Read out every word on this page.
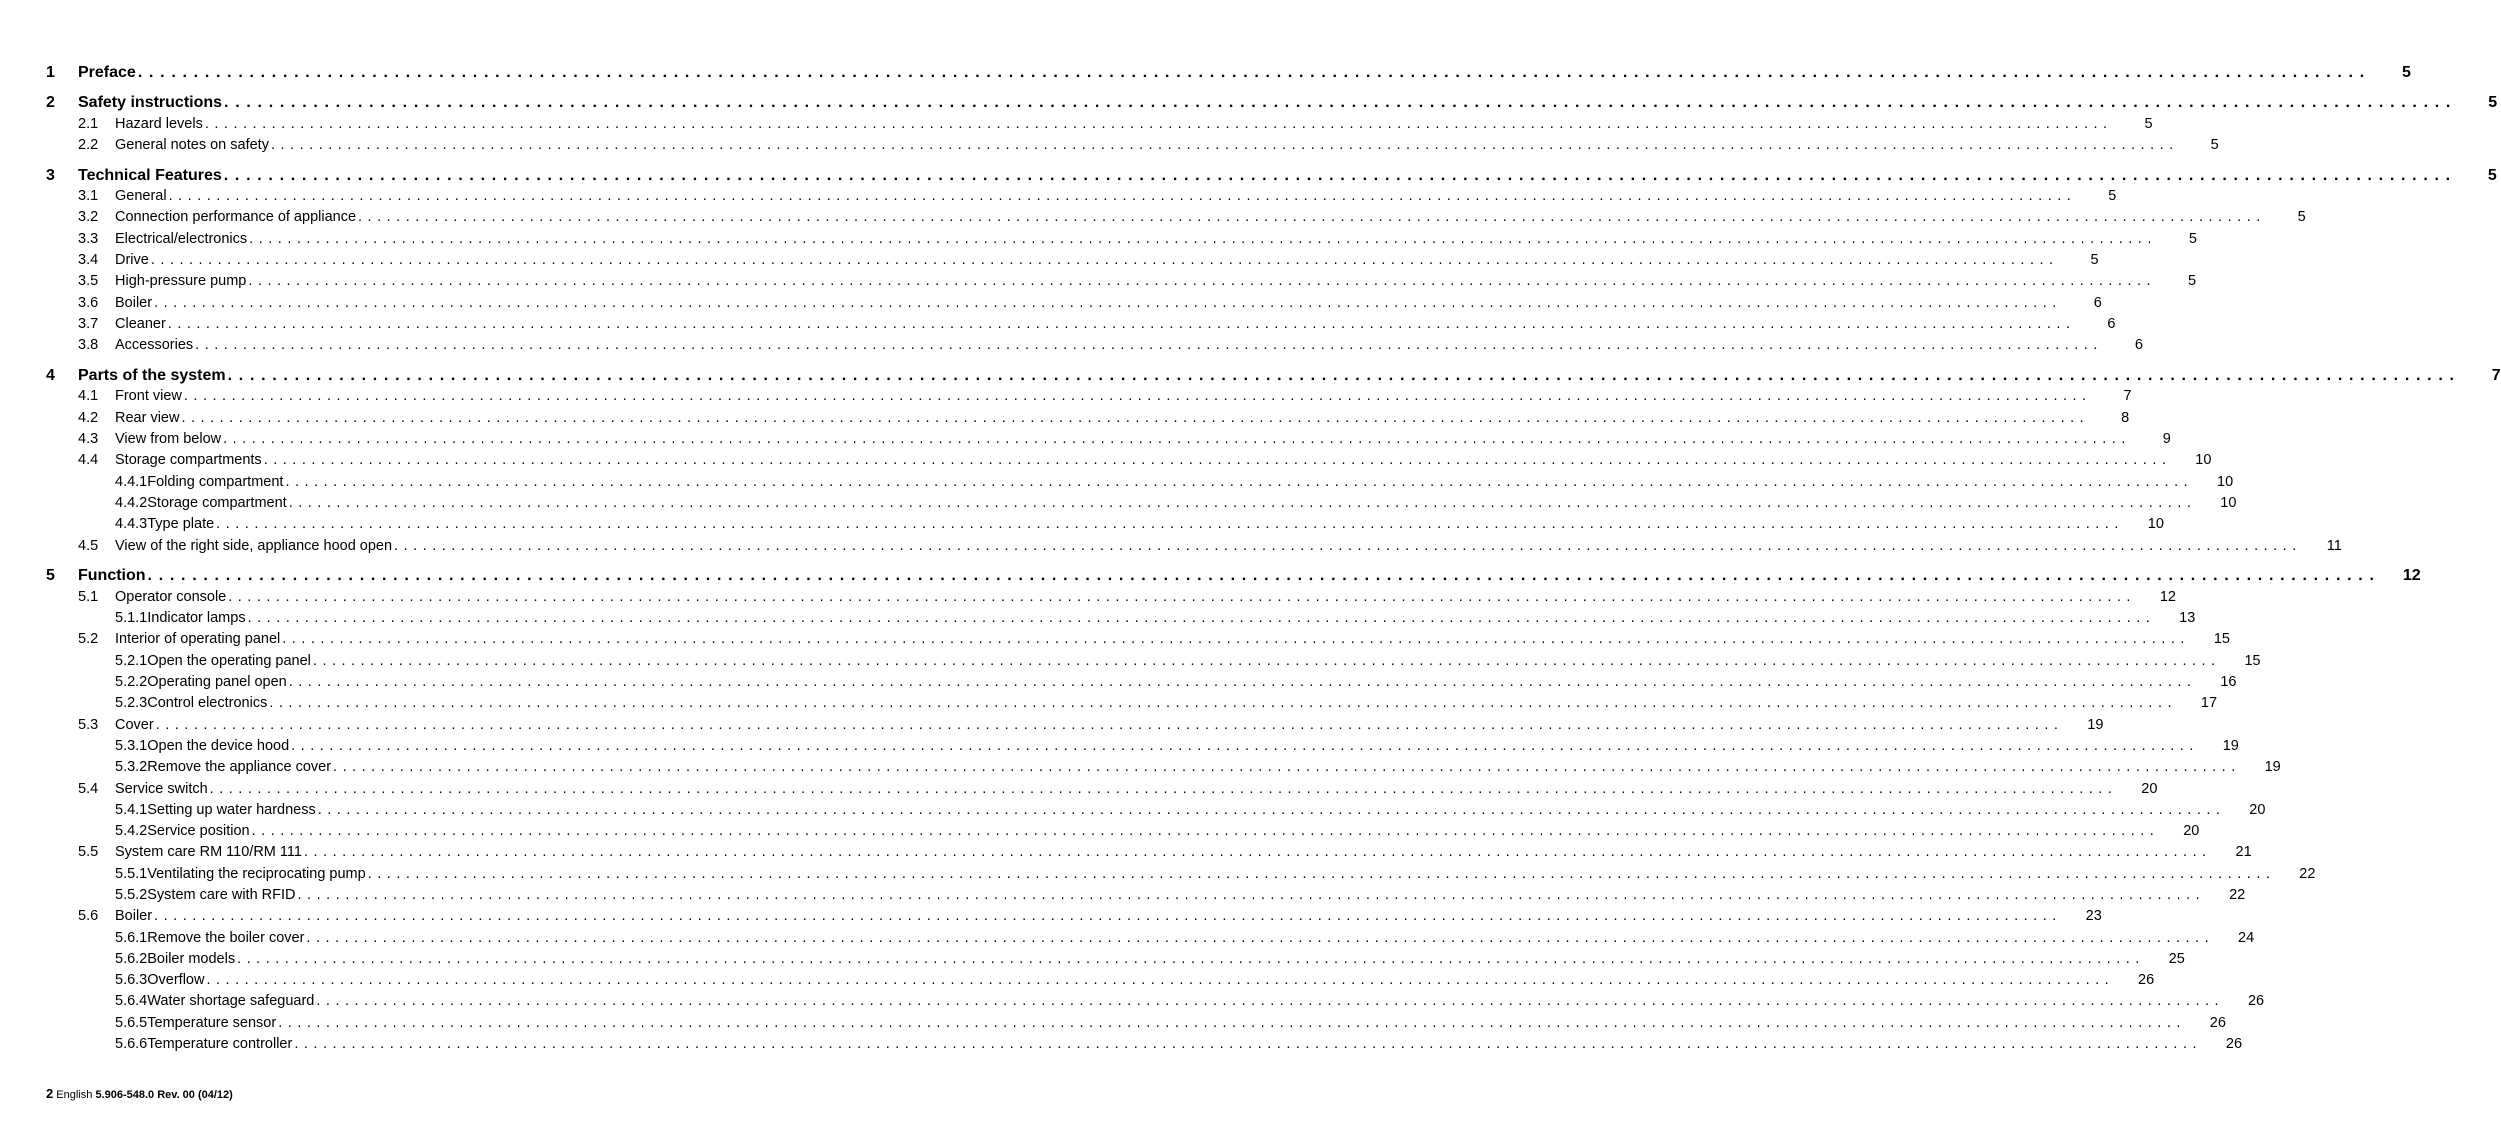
1	Preface ........................................................................................................................................................................................................	5
2	Safety instructions ........................................................................................................................................................................................................	5
2.1	Hazard levels ........................................................................................................................................................................................................	5
2.2	General notes on safety ........................................................................................................................................................................................................	5
3	Technical Features ........................................................................................................................................................................................................	5
3.1	General ........................................................................................................................................................................................................	5
3.2	Connection performance of appliance ........................................................................................................................................................................................................	5
3.3	Electrical/electronics ........................................................................................................................................................................................................	5
3.4	Drive ........................................................................................................................................................................................................	5
3.5	High-pressure pump ........................................................................................................................................................................................................	5
3.6	Boiler ........................................................................................................................................................................................................	6
3.7	Cleaner ........................................................................................................................................................................................................	6
3.8	Accessories ........................................................................................................................................................................................................	6
4	Parts of the system ........................................................................................................................................................................................................	7
4.1	Front view ........................................................................................................................................................................................................	7
4.2	Rear view ........................................................................................................................................................................................................	8
4.3	View from below ........................................................................................................................................................................................................	9
4.4	Storage compartments ........................................................................................................................................................................................................	10
4.4.1 Folding compartment ........................................................................................................................................................................................................	10
4.4.2 Storage compartment ........................................................................................................................................................................................................	10
4.4.3 Type plate ........................................................................................................................................................................................................	10
4.5	View of the right side, appliance hood open ........................................................................................................................................................................................................	11
5	Function ........................................................................................................................................................................................................	12
5.1	Operator console ........................................................................................................................................................................................................	12
5.1.1 Indicator lamps ........................................................................................................................................................................................................	13
5.2	Interior of operating panel ........................................................................................................................................................................................................	15
5.2.1 Open the operating panel ........................................................................................................................................................................................................	15
5.2.2 Operating panel open ........................................................................................................................................................................................................	16
5.2.3 Control electronics ........................................................................................................................................................................................................	17
5.3	Cover ........................................................................................................................................................................................................	19
5.3.1 Open the device hood ........................................................................................................................................................................................................	19
5.3.2 Remove the appliance cover ........................................................................................................................................................................................................	19
5.4	Service switch ........................................................................................................................................................................................................	20
5.4.1 Setting up water hardness ........................................................................................................................................................................................................	20
5.4.2 Service position ........................................................................................................................................................................................................	20
5.5	System care RM 110/RM 111 ........................................................................................................................................................................................................	21
5.5.1 Ventilating the reciprocating pump ........................................................................................................................................................................................................	22
5.5.2 System care with RFID ........................................................................................................................................................................................................	22
5.6	Boiler ........................................................................................................................................................................................................	23
5.6.1 Remove the boiler cover ........................................................................................................................................................................................................	24
5.6.2 Boiler models ........................................................................................................................................................................................................	25
5.6.3 Overflow ........................................................................................................................................................................................................	26
5.6.4 Water shortage safeguard ........................................................................................................................................................................................................	26
5.6.5 Temperature sensor ........................................................................................................................................................................................................	26
5.6.6 Temperature controller ........................................................................................................................................................................................................	26
2 English 5.906-548.0 Rev. 00 (04/12)
